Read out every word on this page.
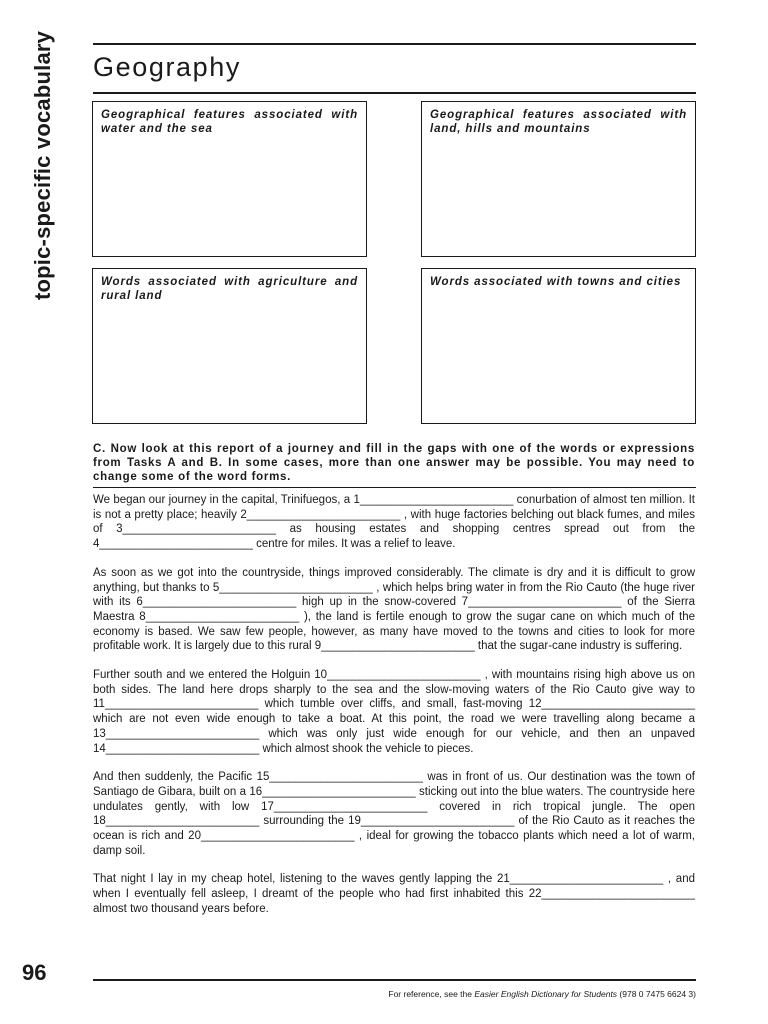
topic-specific vocabulary Geography
Geographical features associated with water and the sea
Geographical features associated with land, hills and mountains
Words associated with agriculture and rural land
Words associated with towns and cities
C. Now look at this report of a journey and fill in the gaps with one of the words or expressions from Tasks A and B. In some cases, more than one answer may be possible. You may need to change some of the word forms.

We began our journey in the capital, Trinifuegos, a 1________________________ conurbation of almost ten million. It is not a pretty place; heavily 2________________________ , with huge factories belching out black fumes, and miles of 3________________________ as housing estates and shopping centres spread out from the 4________________________ centre for miles. It was a relief to leave.

As soon as we got into the countryside, things improved considerably. The climate is dry and it is difficult to grow anything, but thanks to 5________________________ , which helps bring water in from the Rio Cauto (the huge river with its 6________________________ high up in the snow-covered 7________________________ of the Sierra Maestra 8________________________ ), the land is fertile enough to grow the sugar cane on which much of the economy is based. We saw few people, however, as many have moved to the towns and cities to look for more profitable work. It is largely due to this rural 9________________________ that the sugar-cane industry is suffering.

Further south and we entered the Holguin 10________________________ , with mountains rising high above us on both sides. The land here drops sharply to the sea and the slow-moving waters of the Rio Cauto give way to 11________________________ which tumble over cliffs, and small, fast-moving 12________________________ which are not even wide enough to take a boat. At this point, the road we were travelling along became a 13________________________ which was only just wide enough for our vehicle, and then an unpaved 14________________________ which almost shook the vehicle to pieces.

And then suddenly, the Pacific 15________________________ was in front of us. Our destination was the town of Santiago de Gibara, built on a 16________________________ sticking out into the blue waters. The countryside here undulates gently, with low 17________________________ covered in rich tropical jungle. The open 18________________________ surrounding the 19________________________ of the Rio Cauto as it reaches the ocean is rich and 20________________________ , ideal for growing the tobacco plants which need a lot of warm, damp soil.

That night I lay in my cheap hotel, listening to the waves gently lapping the 21________________________ , and when I eventually fell asleep, I dreamt of the people who had first inhabited this 22________________________ almost two thousand years before.

96
For reference, see the Easier English Dictionary for Students (978 0 7475 6624 3)
